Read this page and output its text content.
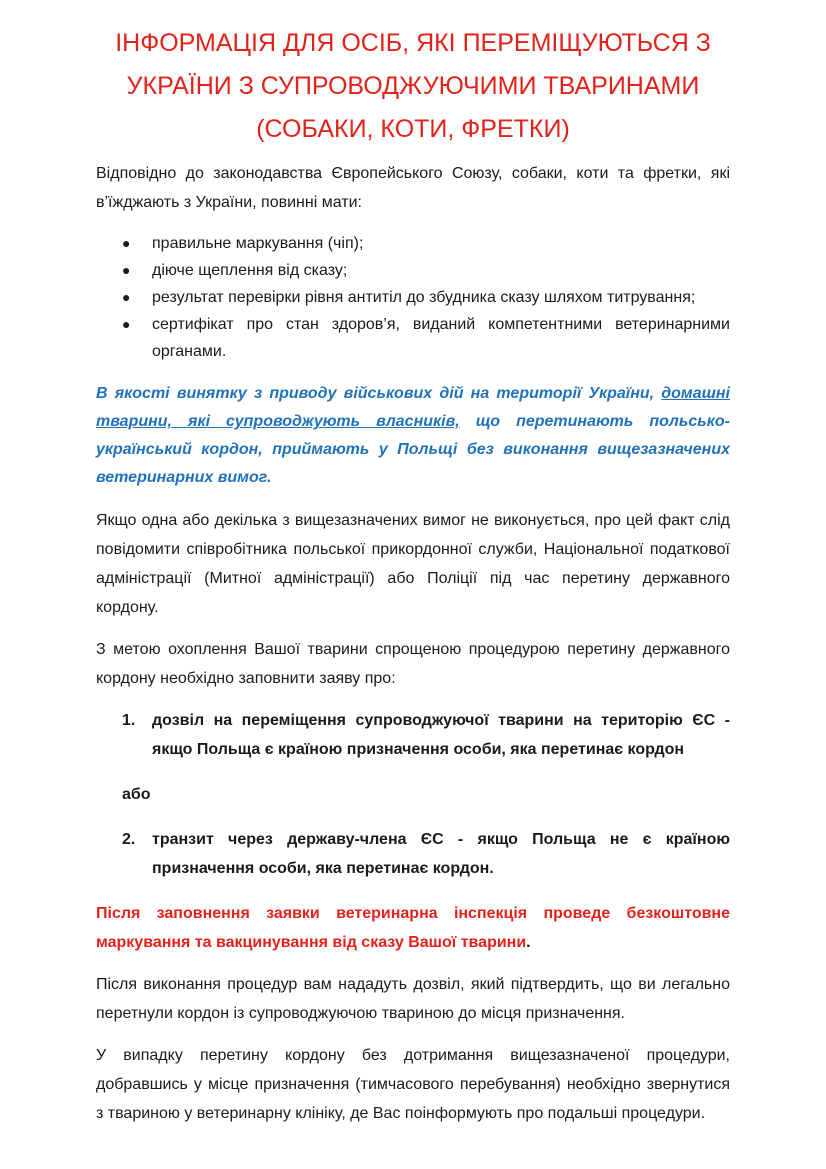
ІНФОРМАЦІЯ ДЛЯ ОСІБ, ЯКІ ПЕРЕМІЩУЮТЬСЯ З
УКРАЇНИ З СУПРОВОДЖУЮЧИМИ ТВАРИНАМИ
(СОБАКИ, КОТИ, ФРЕТКИ)

Відповідно до законодавства Європейського Союзу, собаки, коти та фретки, які в’їжджають з України, повинні мати:

●	правильне маркування (чіп);
●	діюче щеплення від сказу;
●	результат перевірки рівня антитіл до збудника сказу шляхом титрування;
●	сертифікат про стан здоров’я, виданий компетентними ветеринарними органами.

В якості винятку з приводу військових дій на території України, домашні тварини, які супроводжують власників, що перетинають польсько-український кордон, приймають у Польщі без виконання вищезазначених ветеринарних вимог.

Якщо одна або декілька з вищезазначених вимог не виконується, про цей факт слід повідомити співробітника польської прикордонної служби, Національної податкової адміністрації (Митної адміністрації) або Поліції під час перетину державного кордону.

З метою охоплення Вашої тварини спрощеною процедурою перетину державного кордону необхідно заповнити заяву про:

1.	дозвіл на переміщення супроводжуючої тварини на територію ЄС - якщо Польща є країною призначення особи, яка перетинає кордон
або
2.	транзит через державу-члена ЄС - якщо Польща не є країною призначення особи, яка перетинає кордон.

Після заповнення заявки ветеринарна інспекція проведе безкоштовне маркування та вакцинування від сказу Вашої тварини.

Після виконання процедур вам нададуть дозвіл, який підтвердить, що ви легально перетнули кордон із супроводжуючою твариною до місця призначення.

У випадку перетину кордону без дотримання вищезазначеної процедури, добравшись у місце призначення (тимчасового перебування) необхідно звернутися з твариною у ветеринарну клініку, де Вас поінформують про подальші процедури.
